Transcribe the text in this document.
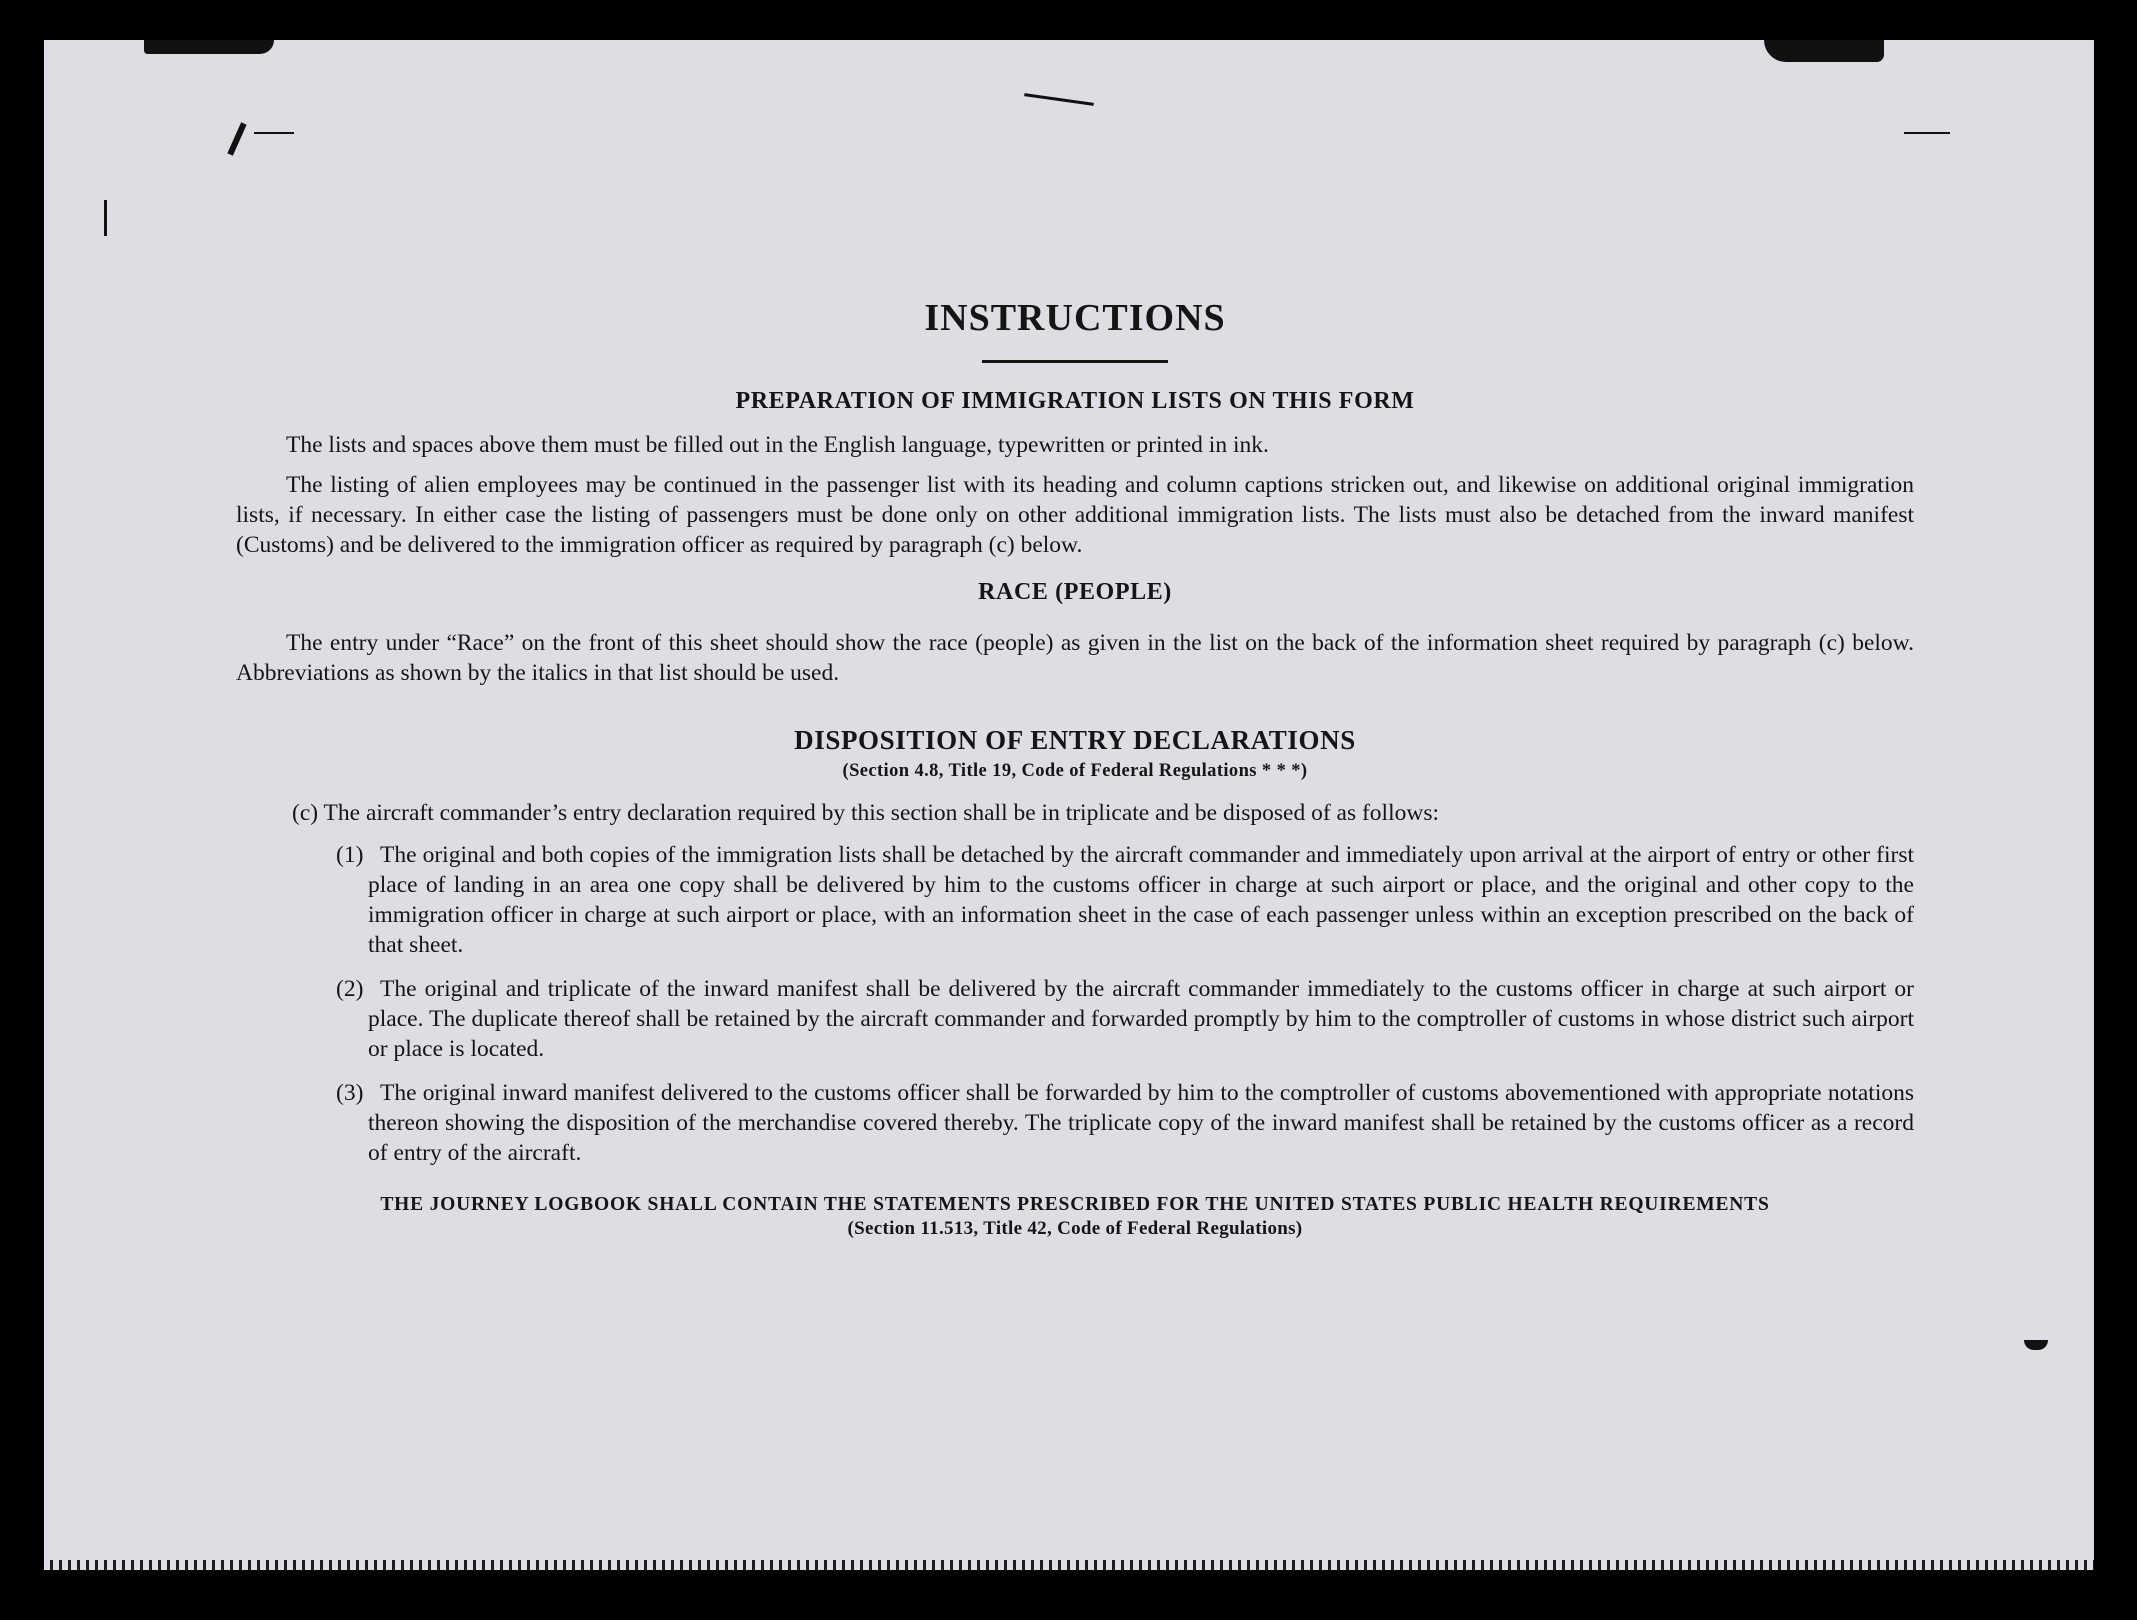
INSTRUCTIONS
PREPARATION OF IMMIGRATION LISTS ON THIS FORM

The lists and spaces above them must be filled out in the English language, typewritten or printed in ink.

The listing of alien employees may be continued in the passenger list with its heading and column captions stricken out, and likewise on additional original immigration lists, if necessary. In either case the listing of passengers must be done only on other additional immigration lists. The lists must also be detached from the inward manifest (Customs) and be delivered to the immigration officer as required by paragraph (c) below.

RACE (PEOPLE)

The entry under “Race” on the front of this sheet should show the race (people) as given in the list on the back of the information sheet required by paragraph (c) below. Abbreviations as shown by the italics in that list should be used.

DISPOSITION OF ENTRY DECLARATIONS
(Section 4.8, Title 19, Code of Federal Regulations * * *)
(c) The aircraft commander’s entry declaration required by this section shall be in triplicate and be disposed of as follows:
(1) The original and both copies of the immigration lists shall be detached by the aircraft commander and immediately upon arrival at the airport of entry or other first place of landing in an area one copy shall be delivered by him to the customs officer in charge at such airport or place, and the original and other copy to the immigration officer in charge at such airport or place, with an information sheet in the case of each passenger unless within an exception prescribed on the back of that sheet.
(2) The original and triplicate of the inward manifest shall be delivered by the aircraft commander immediately to the customs officer in charge at such airport or place. The duplicate thereof shall be retained by the aircraft commander and forwarded promptly by him to the comptroller of customs in whose district such airport or place is located.
(3) The original inward manifest delivered to the customs officer shall be forwarded by him to the comptroller of customs abovementioned with appropriate notations thereon showing the disposition of the merchandise covered thereby. The triplicate copy of the inward manifest shall be retained by the customs officer as a record of entry of the aircraft.
THE JOURNEY LOGBOOK SHALL CONTAIN THE STATEMENTS PRESCRIBED FOR THE UNITED STATES PUBLIC HEALTH REQUIREMENTS
(Section 11.513, Title 42, Code of Federal Regulations)
